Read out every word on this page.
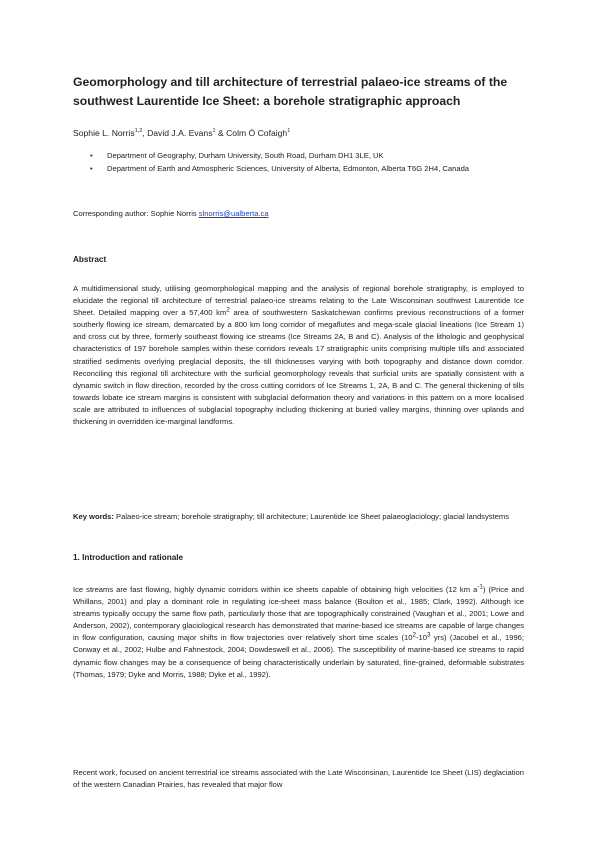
Geomorphology and till architecture of terrestrial palaeo-ice streams of the southwest Laurentide Ice Sheet: a borehole stratigraphic approach
Sophie L. Norris$^{1,2}$, David J.A. Evans$^1$ & Colm Ó Cofaigh$^1$
• Department of Geography, Durham University, South Road, Durham DH1 3LE, UK
• Department of Earth and Atmospheric Sciences, University of Alberta, Edmonton, Alberta T6G 2H4, Canada
Corresponding author: Sophie Norris slnorris@ualberta.ca
Abstract
A multidimensional study, utilising geomorphological mapping and the analysis of regional borehole stratigraphy, is employed to elucidate the regional till architecture of terrestrial palaeo-ice streams relating to the Late Wisconsinan southwest Laurentide Ice Sheet. Detailed mapping over a 57,400 $km^2$ area of southwestern Saskatchewan confirms previous reconstructions of a former southerly flowing ice stream, demarcated by a 800 km long corridor of megaflutes and mega-scale glacial lineations (Ice Stream 1) and cross cut by three, formerly southeast flowing ice streams (Ice Streams 2A, B and C). Analysis of the lithologic and geophysical characteristics of 197 borehole samples within these corridors reveals 17 stratigraphic units comprising multiple tills and associated stratified sediments overlying preglacial deposits, the till thicknesses varying with both topography and distance down corridor. Reconciling this regional till architecture with the surficial geomorphology reveals that surficial units are spatially consistent with a dynamic switch in flow direction, recorded by the cross cutting corridors of Ice Streams 1, 2A, B and C. The general thickening of tills towards lobate ice stream margins is consistent with subglacial deformation theory and variations in this pattern on a more localised scale are attributed to influences of subglacial topography including thickening at buried valley margins, thinning over uplands and thickening in overridden ice-marginal landforms.
Key words: Palaeo-ice stream; borehole stratigraphy; till architecture; Laurentide Ice Sheet palaeoglaciology; glacial landsystems
1. Introduction and rationale
Ice streams are fast flowing, highly dynamic corridors within ice sheets capable of obtaining high velocities (12 km $a^{-1}$) (Price and Whillans, 2001) and play a dominant role in regulating ice-sheet mass balance (Boulton et al., 1985; Clark, 1992). Although ice streams typically occupy the same flow path, particularly those that are topographically constrained (Vaughan et al., 2001; Lowe and Anderson, 2002), contemporary glaciological research has demonstrated that marine-based ice streams are capable of large changes in flow configuration, causing major shifts in flow trajectories over relatively short time scales ($10^2-10^3$ yrs) (Jacobel et al., 1996; Conway et al., 2002; Hulbe and Fahnestock, 2004; Dowdeswell et al., 2006). The susceptibility of marine-based ice streams to rapid dynamic flow changes may be a consequence of being characteristically underlain by saturated, fine-grained, deformable substrates (Thomas, 1979; Dyke and Morris, 1988; Dyke et al., 1992).
Recent work, focused on ancient terrestrial ice streams associated with the Late Wisconsinan, Laurentide Ice Sheet (LIS) deglaciation of the western Canadian Prairies, has revealed that major flow
